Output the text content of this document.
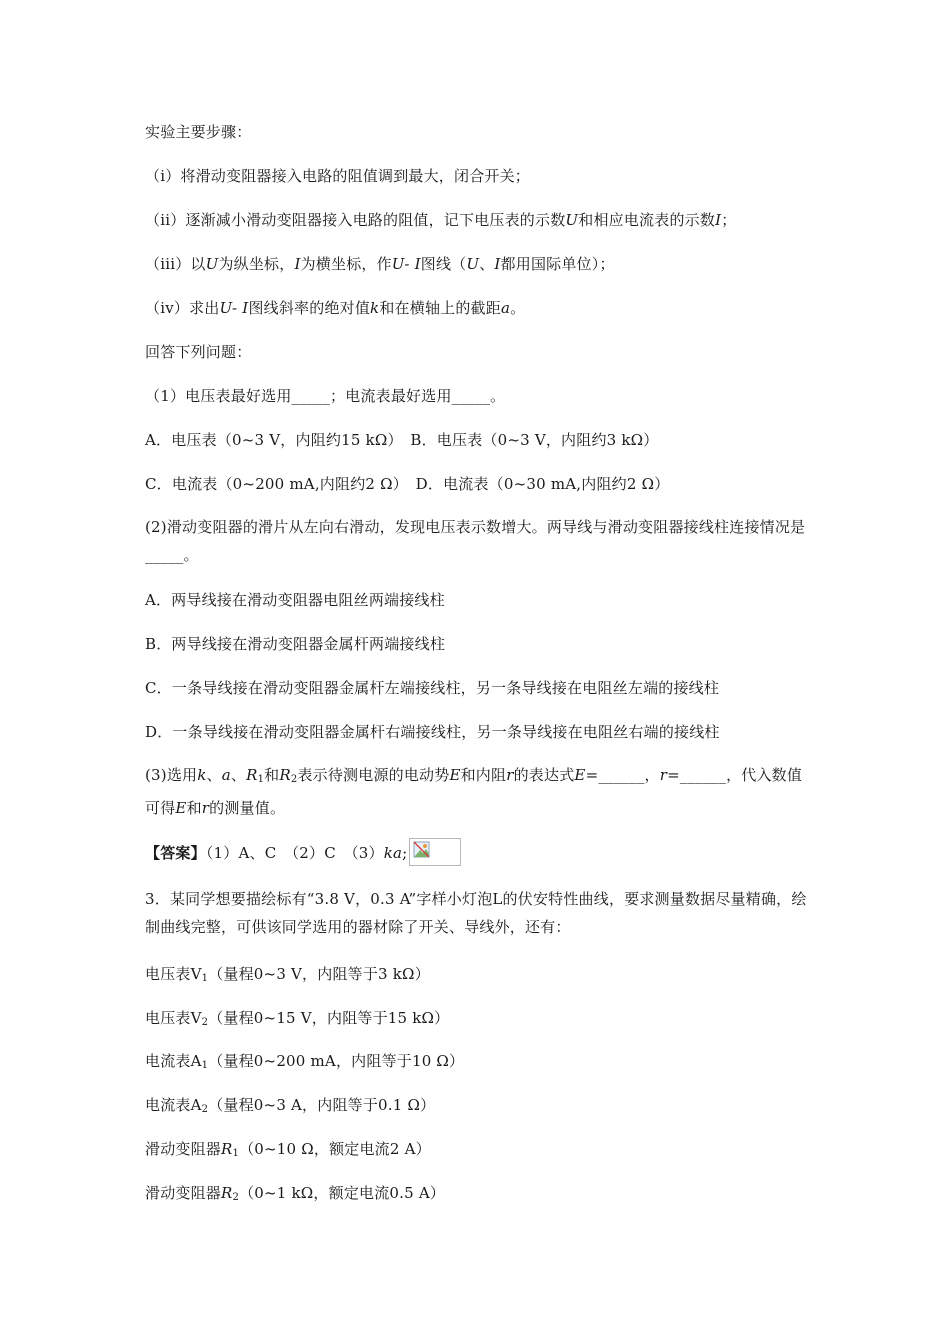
实验主要步骤：
（i）将滑动变阻器接入电路的阻值调到最大，闭合开关；
（ii）逐渐减小滑动变阻器接入电路的阻值，记下电压表的示数U和相应电流表的示数I；
（iii）以U为纵坐标，I为横坐标，作U- I图线（U、I都用国际单位）；
（iv）求出U- I图线斜率的绝对值k和在横轴上的截距a。
回答下列问题：
（1）电压表最好选用_____；电流表最好选用_____。
A．电压表（0~3 V，内阻约15 kΩ）　B．电压表（0~3 V，内阻约3 kΩ）
C．电流表（0~200 mA,内阻约2 Ω）　D．电流表（0~30 mA,内阻约2 Ω）
(2)滑动变阻器的滑片从左向右滑动，发现电压表示数增大。两导线与滑动变阻器接线柱连接情况是_____。
A．两导线接在滑动变阻器电阻丝两端接线柱
B．两导线接在滑动变阻器金属杆两端接线柱
C．一条导线接在滑动变阻器金属杆左端接线柱，另一条导线接在电阻丝左端的接线柱
D．一条导线接在滑动变阻器金属杆右端接线柱，另一条导线接在电阻丝右端的接线柱
(3)选用k、a、$R_1$和$R_2$表示待测电源的电动势E和内阻r的表达式E=______，r=______，代入数值可得E和r的测量值。
【答案】（1）A、C　（2）C　（3）ka;
3．某同学想要描绘标有“3.8 V，0.3 A”字样小灯泡L的伏安特性曲线，要求测量数据尽量精确，绘制曲线完整，可供该同学选用的器材除了开关、导线外，还有：
电压表$V_1$（量程0~3 V，内阻等于3 kΩ）
电压表$V_2$（量程0~15 V，内阻等于15 kΩ）
电流表$A_1$（量程0~200 mA，内阻等于10 Ω）
电流表$A_2$（量程0~3 A，内阻等于0.1 Ω）
滑动变阻器$R_1(0\sim 10$ Ω，额定电流2 A）
滑动变阻器$R_2(0\sim 1$ kΩ，额定电流0.5 A）
